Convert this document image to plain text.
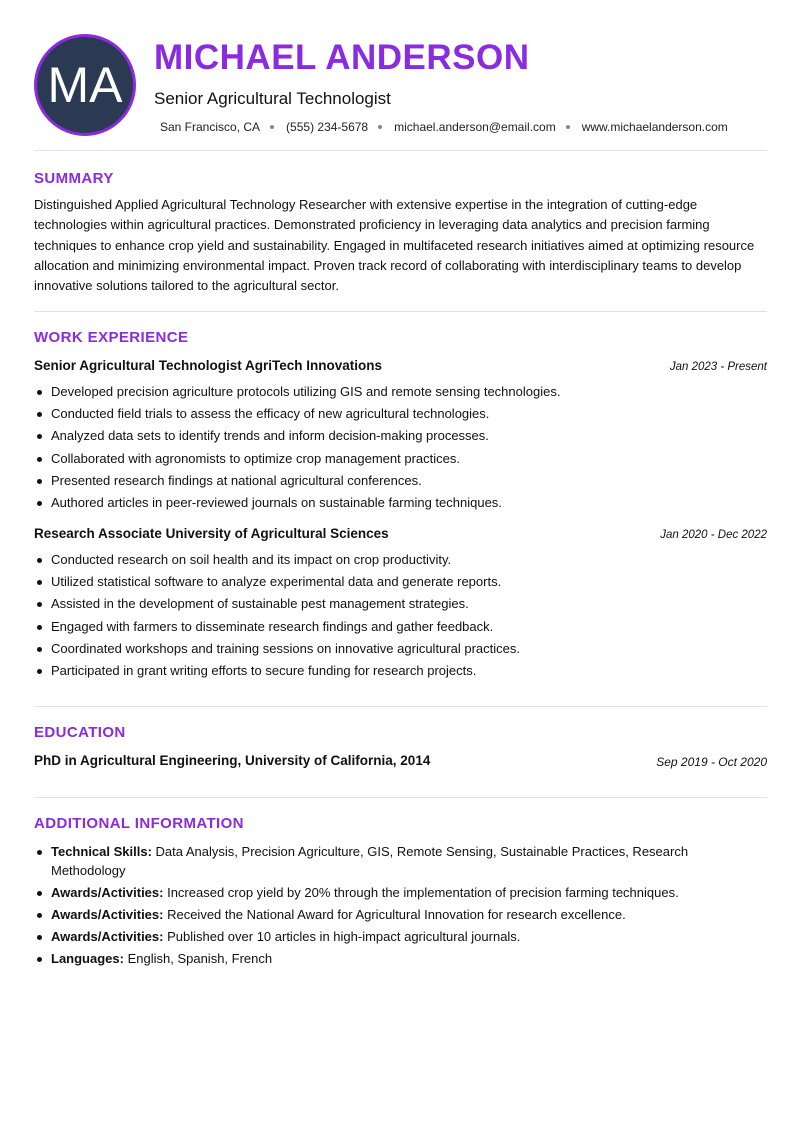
MA MICHAEL ANDERSON
Senior Agricultural Technologist
San Francisco, CA (555) 234-5678 michael.anderson@email.com www.michaelanderson.com
SUMMARY
Distinguished Applied Agricultural Technology Researcher with extensive expertise in the integration of cutting-edge technologies within agricultural practices. Demonstrated proficiency in leveraging data analytics and precision farming techniques to enhance crop yield and sustainability. Engaged in multifaceted research initiatives aimed at optimizing resource allocation and minimizing environmental impact. Proven track record of collaborating with interdisciplinary teams to develop innovative solutions tailored to the agricultural sector.
WORK EXPERIENCE
Senior Agricultural Technologist AgriTech Innovations	Jan 2023 - Present
Developed precision agriculture protocols utilizing GIS and remote sensing technologies.
Conducted field trials to assess the efficacy of new agricultural technologies.
Analyzed data sets to identify trends and inform decision-making processes.
Collaborated with agronomists to optimize crop management practices.
Presented research findings at national agricultural conferences.
Authored articles in peer-reviewed journals on sustainable farming techniques.
Research Associate University of Agricultural Sciences	Jan 2020 - Dec 2022
Conducted research on soil health and its impact on crop productivity.
Utilized statistical software to analyze experimental data and generate reports.
Assisted in the development of sustainable pest management strategies.
Engaged with farmers to disseminate research findings and gather feedback.
Coordinated workshops and training sessions on innovative agricultural practices.
Participated in grant writing efforts to secure funding for research projects.
EDUCATION
PhD in Agricultural Engineering, University of California, 2014	Sep 2019 - Oct 2020
ADDITIONAL INFORMATION
Technical Skills: Data Analysis, Precision Agriculture, GIS, Remote Sensing, Sustainable Practices, Research Methodology
Awards/Activities: Increased crop yield by 20% through the implementation of precision farming techniques.
Awards/Activities: Received the National Award for Agricultural Innovation for research excellence.
Awards/Activities: Published over 10 articles in high-impact agricultural journals.
Languages: English, Spanish, French
